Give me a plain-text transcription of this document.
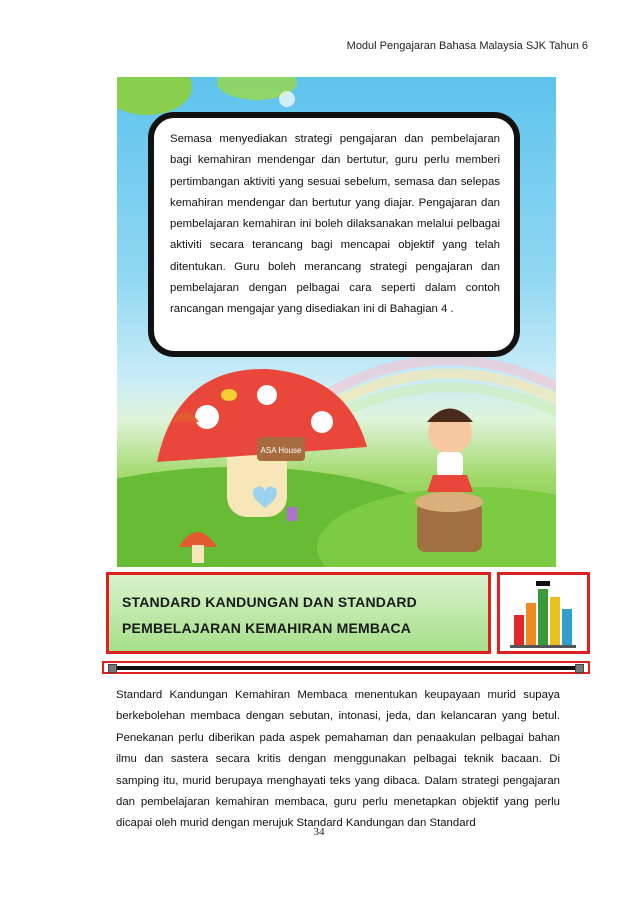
Modul Pengajaran Bahasa Malaysia SJK Tahun 6
ASA House

Semasa menyediakan strategi pengajaran dan pembelajaran bagi kemahiran mendengar dan bertutur, guru perlu memberi pertimbangan aktiviti yang sesuai sebelum, semasa dan selepas kemahiran mendengar dan bertutur yang diajar. Pengajaran dan pembelajaran kemahiran ini boleh dilaksanakan melalui pelbagai aktiviti secara terancang bagi mencapai objektif yang telah ditentukan. Guru boleh merancang strategi pengajaran dan pembelajaran dengan pelbagai cara seperti dalam contoh rancangan mengajar yang disediakan ini di Bahagian 4 .

STANDARD KANDUNGAN DAN STANDARD
PEMBELAJARAN KEMAHIRAN MEMBACA
Standard Kandungan Kemahiran Membaca menentukan keupayaan murid supaya berkebolehan membaca dengan sebutan, intonasi, jeda, dan kelancaran yang betul. Penekanan perlu diberikan pada aspek pemahaman dan penaakulan pelbagai bahan ilmu dan sastera secara kritis dengan menggunakan pelbagai teknik bacaan. Di samping itu, murid berupaya menghayati teks yang dibaca. Dalam strategi pengajaran dan pembelajaran kemahiran membaca, guru perlu menetapkan objektif yang perlu dicapai oleh murid dengan merujuk Standard Kandungan dan Standard
34
